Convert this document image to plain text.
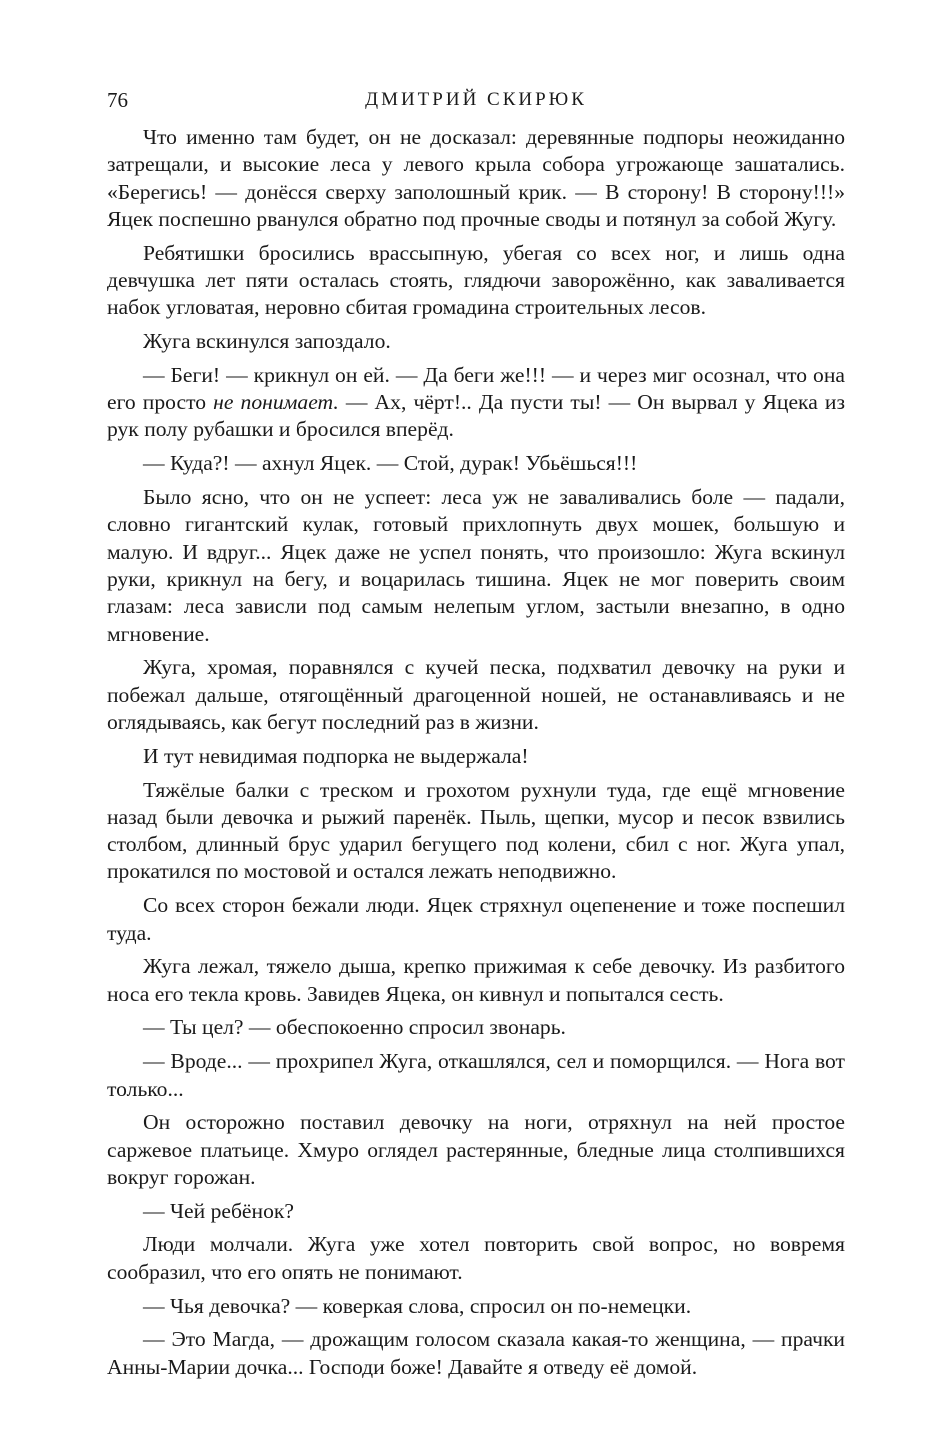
76	ДМИТРИЙ СКИРЮК

Что именно там будет, он не досказал: деревянные подпоры неожиданно затрещали, и высокие леса у левого крыла собора угрожающе зашатались. «Берегись! — донёсся сверху заполошный крик. — В сторону! В сторону!!!» Яцек поспешно рванулся обратно под прочные своды и потянул за собой Жугу.

Ребятишки бросились врассыпную, убегая со всех ног, и лишь одна девчушка лет пяти осталась стоять, глядючи заворожённо, как заваливается набок угловатая, неровно сбитая громадина строительных лесов.

Жуга вскинулся запоздало.

— Беги! — крикнул он ей. — Да беги же!!! — и через миг осознал, что она его просто не понимает. — Ах, чёрт!.. Да пусти ты! — Он вырвал у Яцека из рук полу рубашки и бросился вперёд.

— Куда?! — ахнул Яцек. — Стой, дурак! Убьёшься!!!

Было ясно, что он не успеет: леса уж не заваливались боле — падали, словно гигантский кулак, готовый прихлопнуть двух мошек, большую и малую. И вдруг... Яцек даже не успел понять, что произошло: Жуга вскинул руки, крикнул на бегу, и воцарилась тишина. Яцек не мог поверить своим глазам: леса зависли под самым нелепым углом, застыли внезапно, в одно мгновение.

Жуга, хромая, поравнялся с кучей песка, подхватил девочку на руки и побежал дальше, отягощённый драгоценной ношей, не останавливаясь и не оглядываясь, как бегут последний раз в жизни.

И тут невидимая подпорка не выдержала!

Тяжёлые балки с треском и грохотом рухнули туда, где ещё мгновение назад были девочка и рыжий паренёк. Пыль, щепки, мусор и песок взвились столбом, длинный брус ударил бегущего под колени, сбил с ног. Жуга упал, прокатился по мостовой и остался лежать неподвижно.

Со всех сторон бежали люди. Яцек стряхнул оцепенение и тоже поспешил туда.

Жуга лежал, тяжело дыша, крепко прижимая к себе девочку. Из разбитого носа его текла кровь. Завидев Яцека, он кивнул и попытался сесть.

— Ты цел? — обеспокоенно спросил звонарь.

— Вроде... — прохрипел Жуга, откашлялся, сел и поморщился. — Нога вот только...

Он осторожно поставил девочку на ноги, отряхнул на ней простое саржевое платьице. Хмуро оглядел растерянные, бледные лица столпившихся вокруг горожан.

— Чей ребёнок?

Люди молчали. Жуга уже хотел повторить свой вопрос, но вовремя сообразил, что его опять не понимают.

— Чья девочка? — коверкая слова, спросил он по-немецки.

— Это Магда, — дрожащим голосом сказала какая-то женщина, — прачки Анны-Марии дочка... Господи боже! Давайте я отведу её домой.
